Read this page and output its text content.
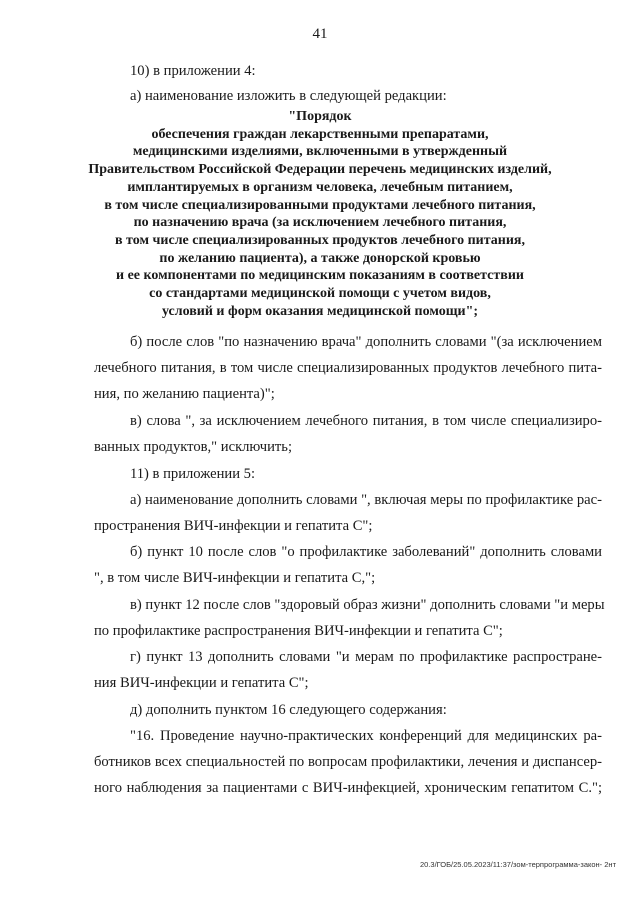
41
10) в приложении 4:
а) наименование изложить в следующей редакции:
"Порядок
обеспечения граждан лекарственными препаратами,
медицинскими изделиями, включенными в утвержденный
Правительством Российской Федерации перечень медицинских изделий,
имплантируемых в организм человека, лечебным питанием,
в том числе специализированными продуктами лечебного питания,
по назначению врача (за исключением лечебного питания,
в том числе специализированных продуктов лечебного питания,
по желанию пациента), а также донорской кровью
и ее компонентами по медицинским показаниям в соответствии
со стандартами медицинской помощи с учетом видов,
условий и форм оказания медицинской помощи";
б) после слов "по назначению врача" дополнить словами "(за исключением
лечебного питания, в том числе специализированных продуктов лечебного пита-
ния, по желанию пациента)";
в) слова ", за исключением лечебного питания, в том числе специализиро-
ванных продуктов," исключить;
11) в приложении 5:
а) наименование дополнить словами ", включая меры по профилактике рас-
пространения ВИЧ-инфекции и гепатита С";
б) пункт 10 после слов "о профилактике заболеваний" дополнить словами
", в том числе ВИЧ-инфекции и гепатита С,";
в) пункт 12 после слов "здоровый образ жизни" дополнить словами "и меры
по профилактике распространения ВИЧ-инфекции и гепатита С";
г) пункт 13 дополнить словами "и мерам по профилактике распростране-
ния ВИЧ-инфекции и гепатита С";
д) дополнить пунктом 16 следующего содержания:
"16. Проведение научно-практических конференций для медицинских ра-
ботников всех специальностей по вопросам профилактики, лечения и диспансер-
ного наблюдения за пациентами с ВИЧ-инфекцией, хроническим гепатитом С.";
20.3/ГОБ/25.05.2023/11:37/зом-терпрограмма-закон- 2нт
